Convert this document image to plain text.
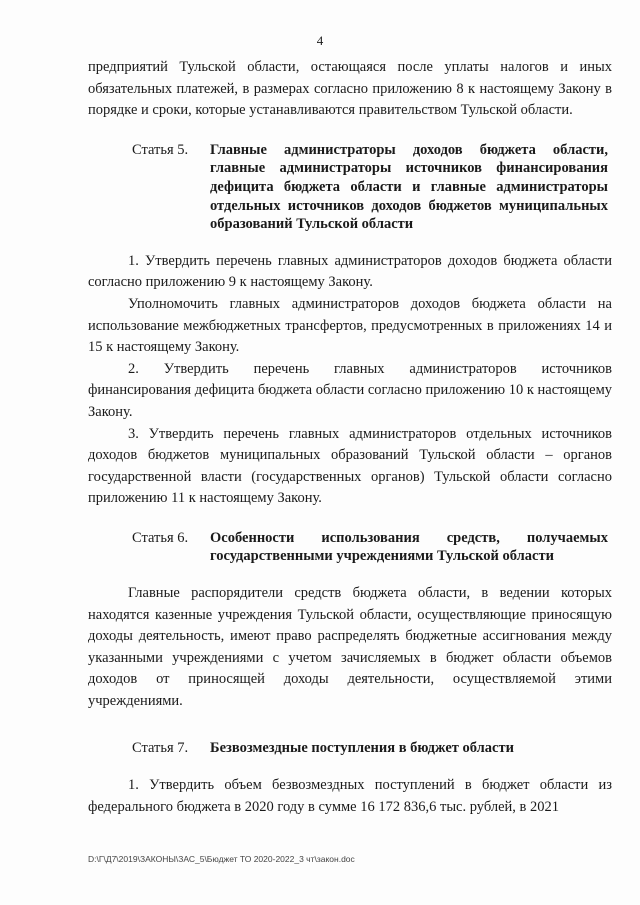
4

предприятий Тульской области, остающаяся после уплаты налогов и иных обязательных платежей, в размерах согласно приложению 8 к настоящему Закону в порядке и сроки, которые устанавливаются правительством Тульской области.

Статья 5.	Главные администраторы доходов бюджета области, главные администраторы источников финансирования дефицита бюджета области и главные администраторы отдельных источников доходов бюджетов муниципальных образований Тульской области

1. Утвердить перечень главных администраторов доходов бюджета области согласно приложению 9 к настоящему Закону.

Уполномочить главных администраторов доходов бюджета области на использование межбюджетных трансфертов, предусмотренных в приложениях 14 и 15 к настоящему Закону.

2. Утвердить перечень главных администраторов источников финансирования дефицита бюджета области согласно приложению 10 к настоящему Закону.

3. Утвердить перечень главных администраторов отдельных источников доходов бюджетов муниципальных образований Тульской области – органов государственной власти (государственных органов) Тульской области согласно приложению 11 к настоящему Закону.

Статья 6.	Особенности использования средств, получаемых государственными учреждениями Тульской области

Главные распорядители средств бюджета области, в ведении которых находятся казенные учреждения Тульской области, осуществляющие приносящую доходы деятельность, имеют право распределять бюджетные ассигнования между указанными учреждениями с учетом зачисляемых в бюджет области объемов доходов от приносящей доходы деятельности, осуществляемой этими учреждениями.

Статья 7.	Безвозмездные поступления в бюджет области

1. Утвердить объем безвозмездных поступлений в бюджет области из федерального бюджета в 2020 году в сумме 16 172 836,6 тыс. рублей, в 2021

D:\Г\Д7\2019\ЗАКОНЫ\ЗАС_5\Бюджет ТО 2020-2022_3 чт\закон.doc
